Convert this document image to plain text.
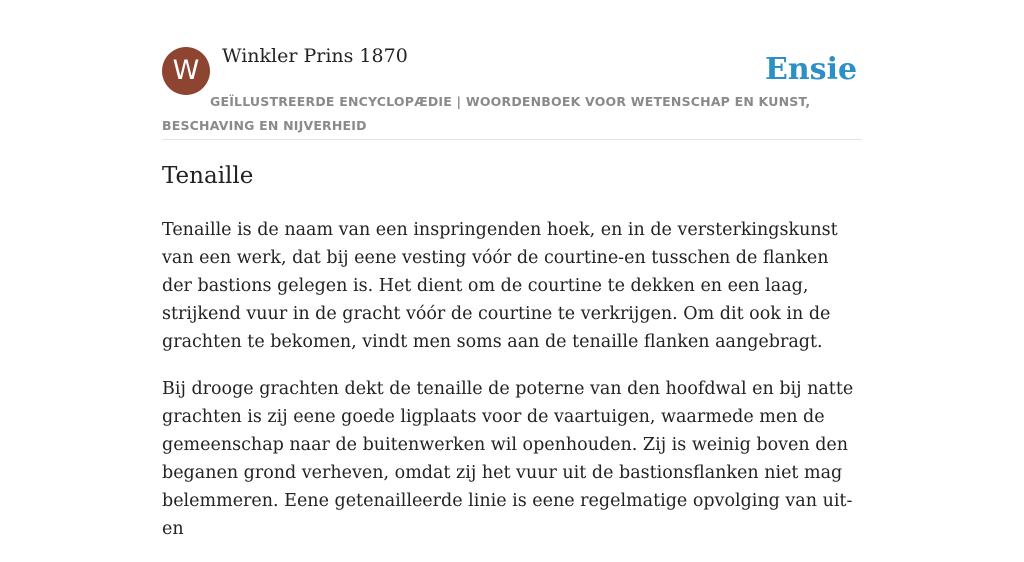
W	Winkler Prins 1870	Ensie

GEÏLLUSTREERDE ENCYCLOPÆDIE | WOORDENBOEK VOOR WETENSCHAP EN KUNST, BESCHAVING EN NIJVERHEID

Tenaille

Tenaille is de naam van een inspringenden hoek, en in de versterkingskunst van een werk, dat bij eene vesting vóór de courtine-en tusschen de flanken der bastions gelegen is. Het dient om de courtine te dekken en een laag, strijkend vuur in de gracht vóór de courtine te verkrijgen. Om dit ook in de grachten te bekomen, vindt men soms aan de tenaille flanken aangebragt.

Bij drooge grachten dekt de tenaille de poterne van den hoofdwal en bij natte grachten is zij eene goede ligplaats voor de vaartuigen, waarmede men de gemeenschap naar de buitenwerken wil openhouden. Zij is weinig boven den beganen grond verheven, omdat zij het vuur uit de bastionsflanken niet mag belemmeren. Eene getenailleerde linie is eene regelmatige opvolging van uit- en
